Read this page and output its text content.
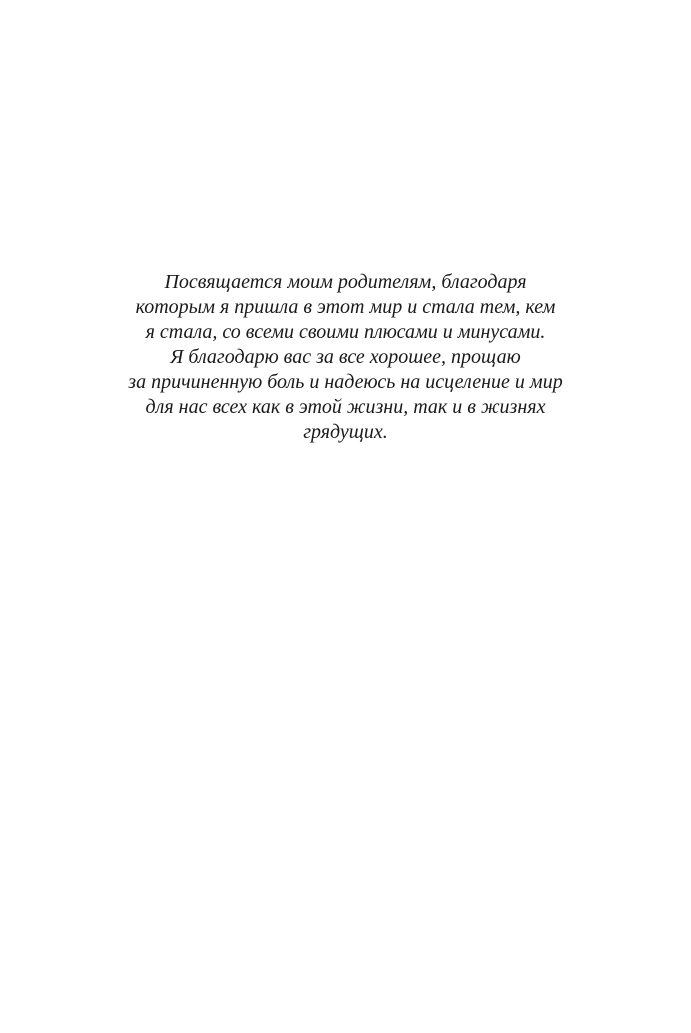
Посвящается моим родителям, благодаря
которым я пришла в этот мир и стала тем, кем
я стала, со всеми своими плюсами и минусами.
Я благодарю вас за все хорошее, прощаю
за причиненную боль и надеюсь на исцеление и мир
для нас всех как в этой жизни, так и в жизнях
грядущих.
